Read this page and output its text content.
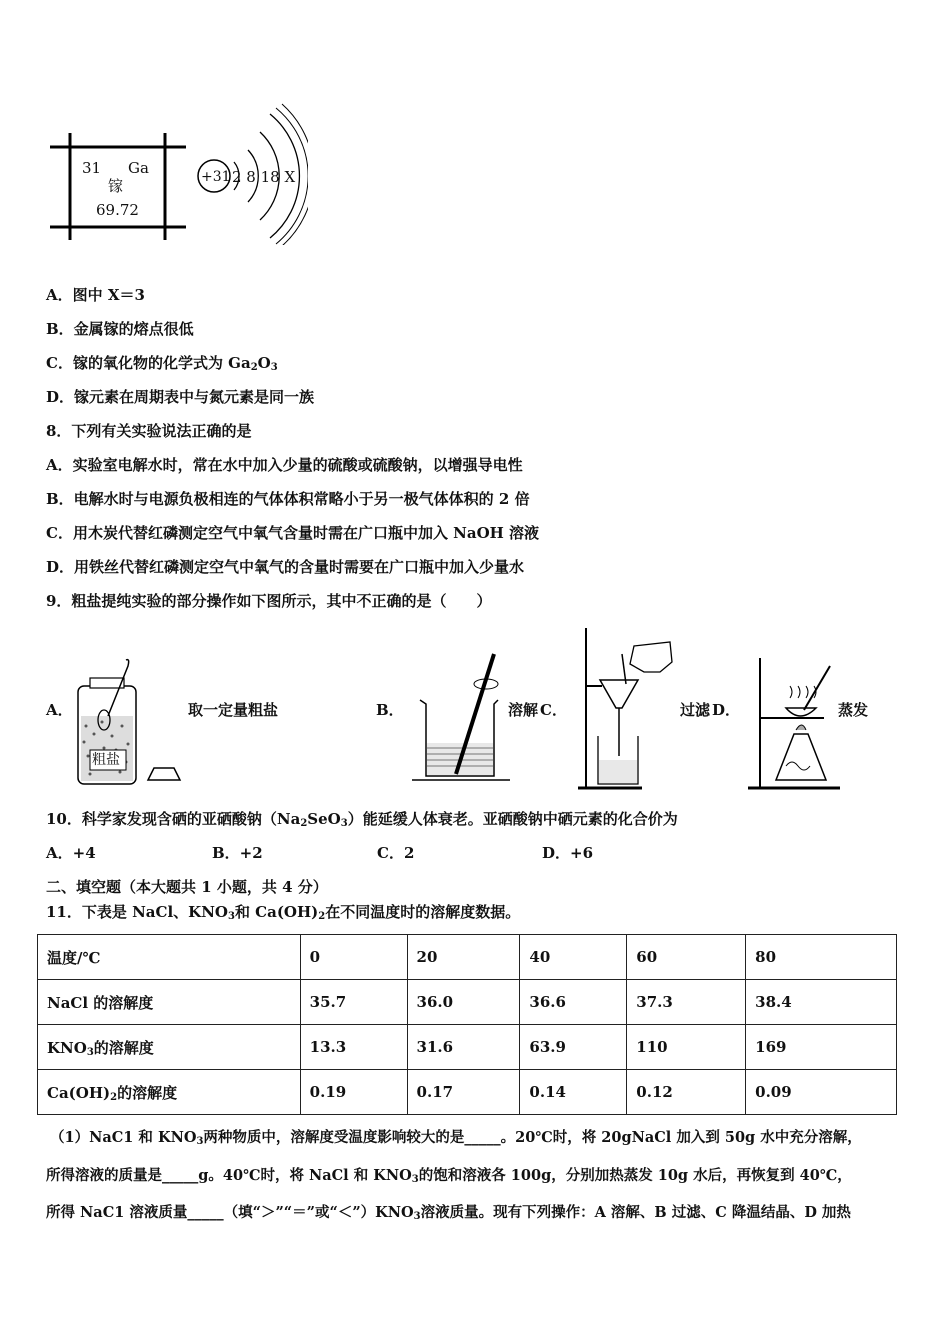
31 Ga
镓
69.72
+31 2 8 18 X
A．图中 X＝3
B．金属镓的熔点很低
C．镓的氧化物的化学式为 $Ga_2O_3$
D．镓元素在周期表中与氮元素是同一族
8．下列有关实验说法正确的是
A．实验室电解水时，常在水中加入少量的硫酸或硫酸钠，以增强导电性
B．电解水时与电源负极相连的气体体积常略小于另一极气体体积的 2 倍
C．用木炭代替红磷测定空气中氧气含量时需在广口瓶中加入 NaOH 溶液
D．用铁丝代替红磷测定空气中氧气的含量时需要在广口瓶中加入少量水
9．粗盐提纯实验的部分操作如下图所示，其中不正确的是（　　）
A．
粗盐
取一定量粗盐	B．	溶解 C．	过滤 D．	蒸发
10．科学家发现含硒的亚硒酸钠$(Na_2SeO_3)$能延缓人体衰老。亚硒酸钠中硒元素的化合价为
A．+4	B．+2	C．2	D．+6
二、填空题（本大题共 1 小题，共 4 分）
11．下表是 NaCl、$KNO_3$和 $Ca(OH)_2$在不同温度时的溶解度数据。
温度/℃	0	20	40	60	80
NaCl 的溶解度	35.7	36.0	36.6	37.3	38.4
$KNO_3$的溶解度	13.3	31.6	63.9	110	169
$Ca(OH)_2$的溶解度	0.19	0.17	0.14	0.12	0.09
（1）NaC1 和 $KNO_3$两种物质中，溶解度受温度影响较大的是_____。20℃时，将 20gNaCl 加入到 50g 水中充分溶解，
所得溶液的质量是_____g。40℃时，将 NaCl 和 $KNO_3$的饱和溶液各 100g，分别加热蒸发 10g 水后，再恢复到 40℃，
所得 NaC1 溶液质量_____（填“＞”“＝”或“$<”)KNO_3$溶液质量。现有下列操作：A 溶解、B 过滤、C 降温结晶、D 加热
